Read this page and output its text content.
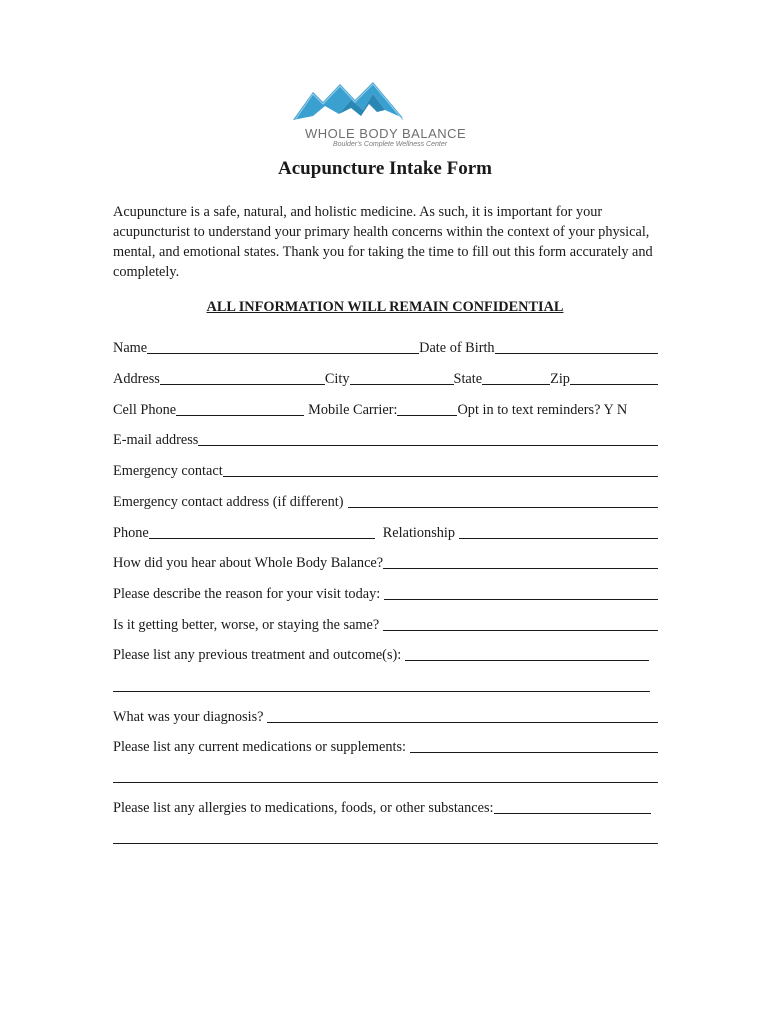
WHOLE BODY BALANCE
Boulder's Complete Wellness Center
Acupuncture Intake Form
Acupuncture is a safe, natural, and holistic medicine. As such, it is important for your acupuncturist to understand your primary health concerns within the context of your physical, mental, and emotional states. Thank you for taking the time to fill out this form accurately and completely.
ALL INFORMATION WILL REMAIN CONFIDENTIAL
Name	Date of Birth
Address	City	State	Zip
Cell Phone	Mobile Carrier:	Opt in to text reminders? Y N
E-mail address
Emergency contact
Emergency contact address (if different)
Phone	Relationship
How did you hear about Whole Body Balance?
Please describe the reason for your visit today:
Is it getting better, worse, or staying the same?
Please list any previous treatment and outcome(s):
What was your diagnosis?
Please list any current medications or supplements:
Please list any allergies to medications, foods, or other substances:
